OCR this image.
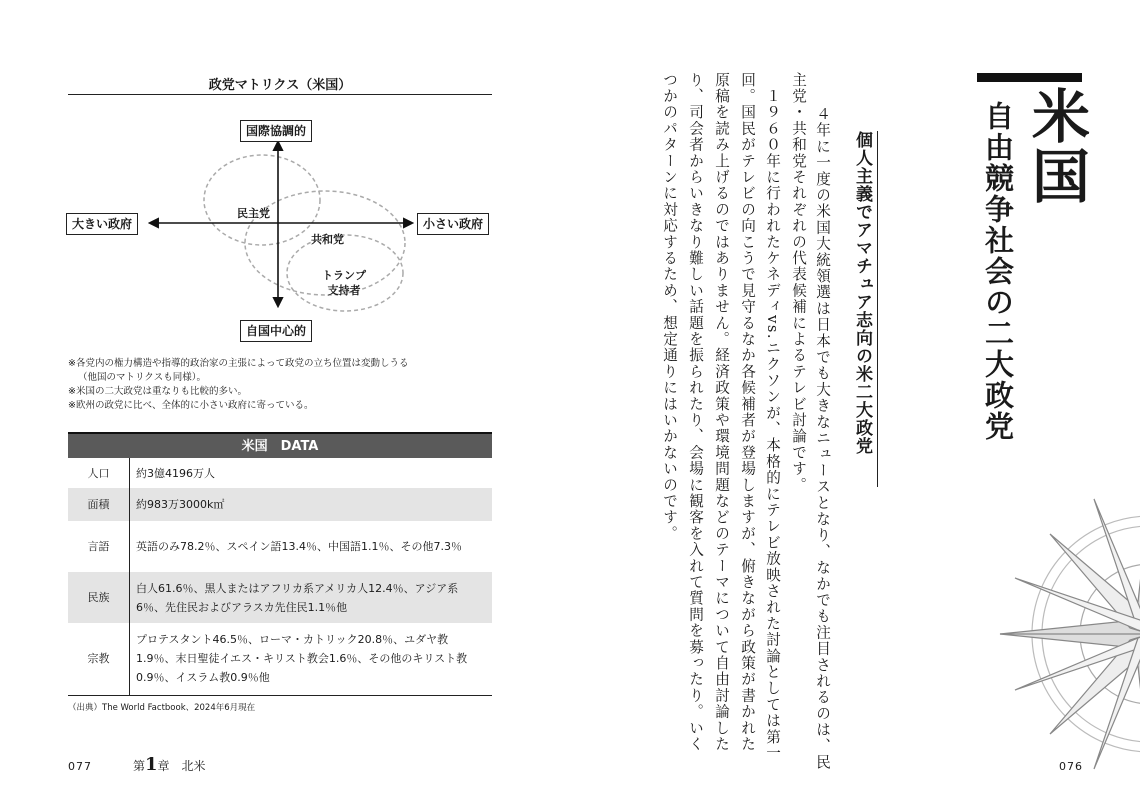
政党マトリクス（米国）
国際協調的
自国中心的
大きい政府	小さい政府
民主党
共和党
トランプ
支持者
※各党内の権力構造や指導的政治家の主張によって政党の立ち位置は変動しうる
（他国のマトリクスも同様）。
※米国の二大政党は重なりも比較的多い。
※欧州の政党に比べ、全体的に小さい政府に寄っている。
米国　DATA
人口	約3億4196万人
面積	約983万3000k㎡
言語	英語のみ78.2％、スペイン語13.4％、中国語1.1％、その他7.3％
民族	白人61.6％、黒人またはアフリカ系アメリカ人12.4％、アジア系6％、先住民およびアラスカ先住民1.1％他
宗教	プロテスタント46.5％、ローマ・カトリック20.8％、ユダヤ教1.9％、末日聖徒イエス・キリスト教会1.6％、その他のキリスト教0.9％、イスラム教0.9％他
（出典）The World Factbook、2024年6月現在
077	第1章　北米	076
　４年に一度の米国大統領選は日本でも大きなニュースとなり、なかでも注目されるのは、民
主党・共和党それぞれの代表候補によるテレビ討論です。
　１９６０年に行われたケネディvs.ニクソンが、本格的にテレビ放映された討論としては第一
回。国民がテレビの向こうで見守るなか各候補者が登場しますが、俯きながら政策が書かれた
原稿を読み上げるのではありません。経済政策や環境問題などのテーマについて自由討論した
り、司会者からいきなり難しい話題を振られたり、会場に観客を入れて質問を募ったり。いく
つかのパターンに対応するため、想定通りにはいかないのです。	個人主義でアマチュア志向の米二大政党	米国
自由競争社会の二大政党
